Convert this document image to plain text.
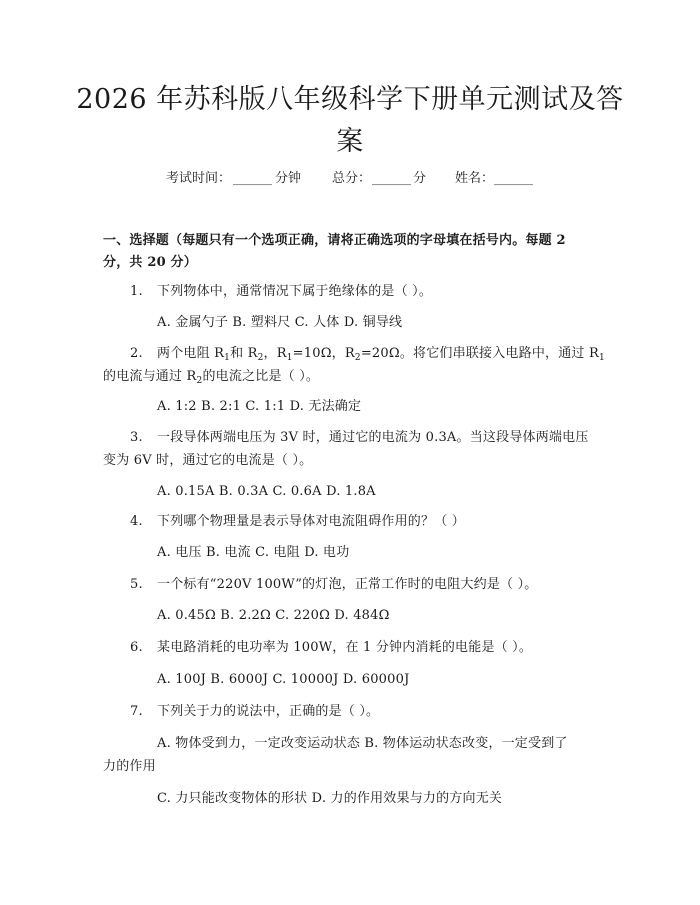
2026 年苏科版八年级科学下册单元测试及答
案
考试时间： ______ 分钟 总分： ______ 分 姓名： ______
一、选择题（每题只有一个选项正确，请将正确选项的字母填在括号内。每题 2
分，共 20 分）
1. 下列物体中，通常情况下属于绝缘体的是（ ）。
A. 金属勺子 B. 塑料尺 C. 人体 D. 铜导线
2. 两个电阻 $R_1$和 $R_2$，$R_1=10\Omega$，$R_2=20\Omega$。将它们串联接入电路中，通过 $R_1$
的电流与通过 $R_2$的电流之比是（ ）。
A. 1:2 B. 2:1 C. 1:1 D. 无法确定
3. 一段导体两端电压为 3V 时，通过它的电流为 0.3A。当这段导体两端电压
变为 6V 时，通过它的电流是（ ）。
A. 0.15A B. 0.3A C. 0.6A D. 1.8A
4. 下列哪个物理量是表示导体对电流阻碍作用的？（ ）
A. 电压 B. 电流 C. 电阻 D. 电功
5. 一个标有“220V 100W”的灯泡，正常工作时的电阻大约是（ ）。
A. 0.45Ω B. 2.2Ω C. 220Ω D. 484Ω
6. 某电路消耗的电功率为 100W，在 1 分钟内消耗的电能是（ ）。
A. 100J B. 6000J C. 10000J D. 60000J
7. 下列关于力的说法中，正确的是（ ）。
A. 物体受到力，一定改变运动状态 B. 物体运动状态改变，一定受到了
力的作用
C. 力只能改变物体的形状 D. 力的作用效果与力的方向无关
